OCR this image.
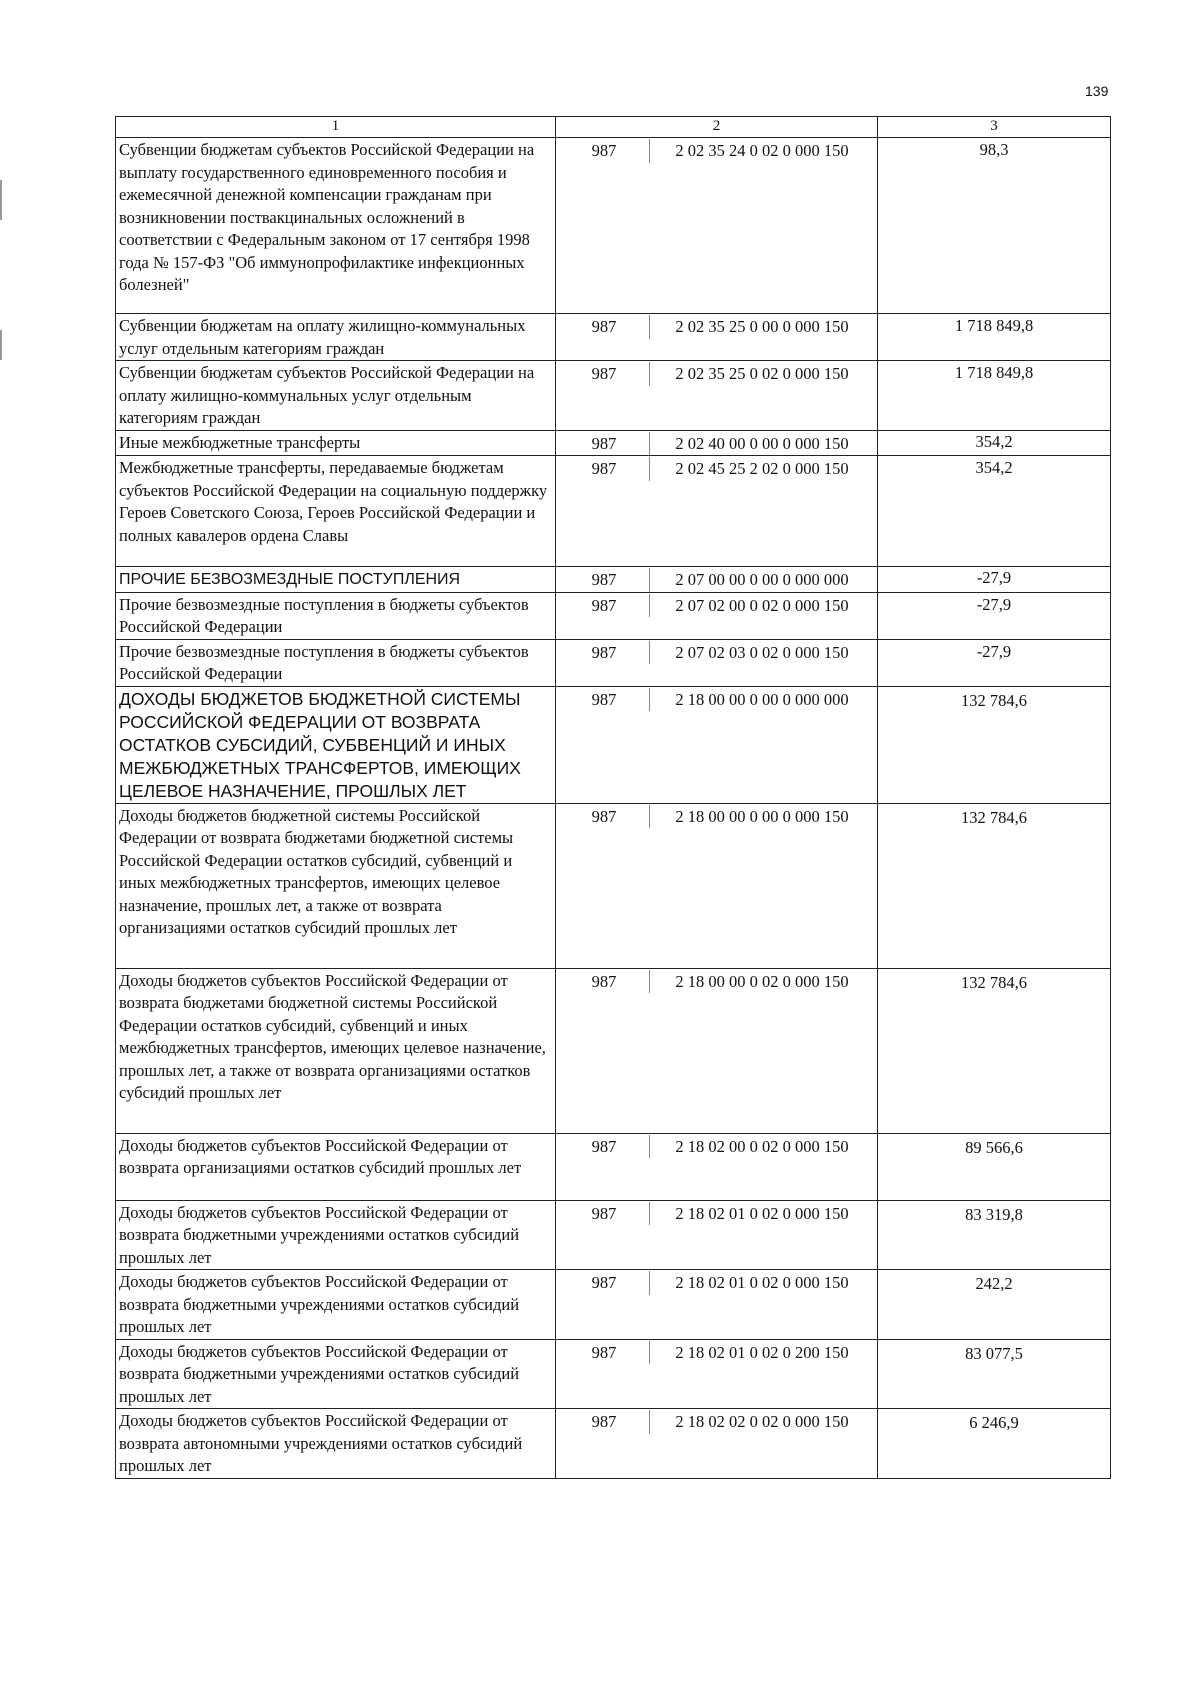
139
1	2	3
Субвенции бюджетам субъектов Российской Федерации на выплату государственного единовременного пособия и ежемесячной денежной компенсации гражданам при возникновении поствакцинальных осложнений в соответствии с Федеральным законом от 17 сентября 1998 года № 157-ФЗ "Об иммунопрофилактике инфекционных болезней"	987 2 02 35 24 0 02 0 000 150	98,3
Субвенции бюджетам на оплату жилищно-коммунальных услуг отдельным категориям граждан	987 2 02 35 25 0 00 0 000 150	1 718 849,8
Субвенции бюджетам субъектов Российской Федерации на оплату жилищно-коммунальных услуг отдельным категориям граждан	987 2 02 35 25 0 02 0 000 150	1 718 849,8
Иные межбюджетные трансферты	987 2 02 40 00 0 00 0 000 150	354,2
Межбюджетные трансферты, передаваемые бюджетам субъектов Российской Федерации на социальную поддержку Героев Советского Союза, Героев Российской Федерации и полных кавалеров ордена Славы	987 2 02 45 25 2 02 0 000 150	354,2
ПРОЧИЕ БЕЗВОЗМЕЗДНЫЕ ПОСТУПЛЕНИЯ	987 2 07 00 00 0 00 0 000 000	-27,9
Прочие безвозмездные поступления в бюджеты субъектов Российской Федерации	987 2 07 02 00 0 02 0 000 150	-27,9
Прочие безвозмездные поступления в бюджеты субъектов Российской Федерации	987 2 07 02 03 0 02 0 000 150	-27,9
ДОХОДЫ БЮДЖЕТОВ БЮДЖЕТНОЙ СИСТЕМЫ РОССИЙСКОЙ ФЕДЕРАЦИИ ОТ ВОЗВРАТА ОСТАТКОВ СУБСИДИЙ, СУБВЕНЦИЙ И ИНЫХ МЕЖБЮДЖЕТНЫХ ТРАНСФЕРТОВ, ИМЕЮЩИХ ЦЕЛЕВОЕ НАЗНАЧЕНИЕ, ПРОШЛЫХ ЛЕТ	987 2 18 00 00 0 00 0 000 000	132 784,6
Доходы бюджетов бюджетной системы Российской Федерации от возврата бюджетами бюджетной системы Российской Федерации остатков субсидий, субвенций и иных межбюджетных трансфертов, имеющих целевое назначение, прошлых лет, а также от возврата организациями остатков субсидий прошлых лет	987 2 18 00 00 0 00 0 000 150	132 784,6
Доходы бюджетов субъектов Российской Федерации от возврата бюджетами бюджетной системы Российской Федерации остатков субсидий, субвенций и иных межбюджетных трансфертов, имеющих целевое назначение, прошлых лет, а также от возврата организациями остатков субсидий прошлых лет	987 2 18 00 00 0 02 0 000 150	132 784,6
Доходы бюджетов субъектов Российской Федерации от возврата организациями остатков субсидий прошлых лет	987 2 18 02 00 0 02 0 000 150	89 566,6
Доходы бюджетов субъектов Российской Федерации от возврата бюджетными учреждениями остатков субсидий прошлых лет	987 2 18 02 01 0 02 0 000 150	83 319,8
Доходы бюджетов субъектов Российской Федерации от возврата бюджетными учреждениями остатков субсидий прошлых лет	987 2 18 02 01 0 02 0 000 150	242,2
Доходы бюджетов субъектов Российской Федерации от возврата бюджетными учреждениями остатков субсидий прошлых лет	987 2 18 02 01 0 02 0 200 150	83 077,5
Доходы бюджетов субъектов Российской Федерации от возврата автономными учреждениями остатков субсидий прошлых лет	987 2 18 02 02 0 02 0 000 150	6 246,9
